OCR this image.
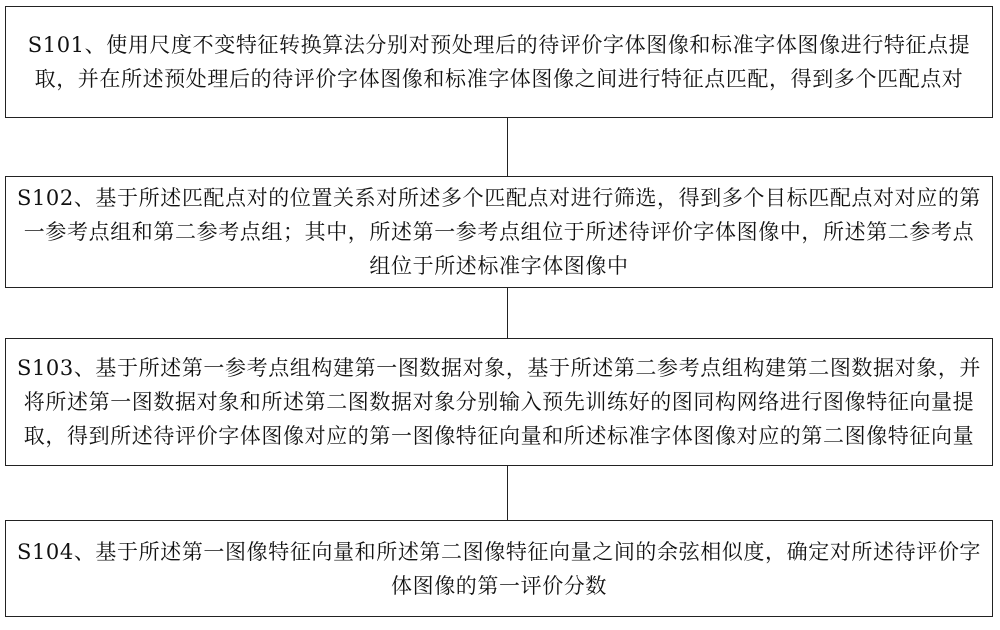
S101、使用尺度不变特征转换算法分别对预处理后的待评价字体图像和标准字体图像进行特征点提取，并在所述预处理后的待评价字体图像和标准字体图像之间进行特征点匹配，得到多个匹配点对
S102、基于所述匹配点对的位置关系对所述多个匹配点对进行筛选，得到多个目标匹配点对对应的第一参考点组和第二参考点组；其中，所述第一参考点组位于所述待评价字体图像中，所述第二参考点组位于所述标准字体图像中
S103、基于所述第一参考点组构建第一图数据对象，基于所述第二参考点组构建第二图数据对象，并将所述第一图数据对象和所述第二图数据对象分别输入预先训练好的图同构网络进行图像特征向量提取，得到所述待评价字体图像对应的第一图像特征向量和所述标准字体图像对应的第二图像特征向量
S104、基于所述第一图像特征向量和所述第二图像特征向量之间的余弦相似度，确定对所述待评价字体图像的第一评价分数
